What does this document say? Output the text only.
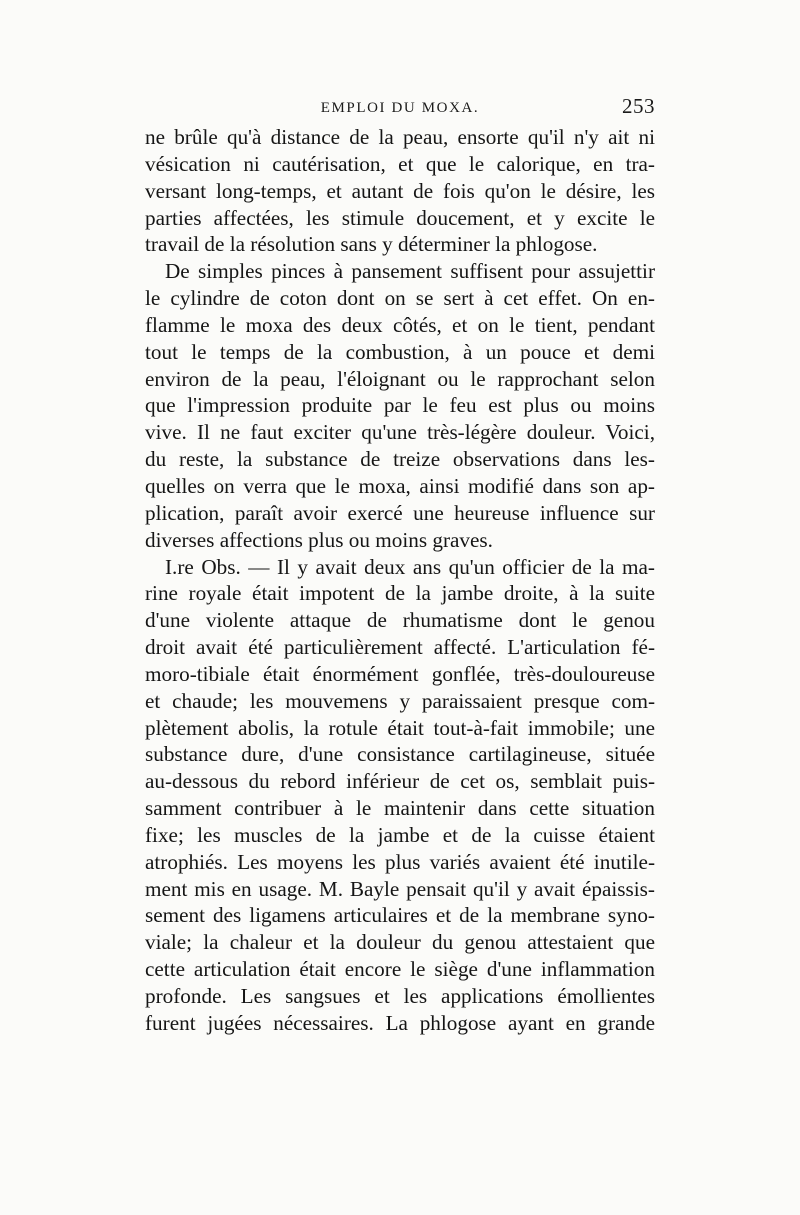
EMPLOI DU MOXA.	253
ne brûle qu'à distance de la peau, ensorte qu'il n'y ait ni
vésication ni cautérisation, et que le calorique, en tra-
versant long-temps, et autant de fois qu'on le désire, les
parties affectées, les stimule doucement, et y excite le
travail de la résolution sans y déterminer la phlogose.
De simples pinces à pansement suffisent pour assujettir
le cylindre de coton dont on se sert à cet effet. On en-
flamme le moxa des deux côtés, et on le tient, pendant
tout le temps de la combustion, à un pouce et demi
environ de la peau, l'éloignant ou le rapprochant selon
que l'impression produite par le feu est plus ou moins
vive. Il ne faut exciter qu'une très-légère douleur. Voici,
du reste, la substance de treize observations dans les-
quelles on verra que le moxa, ainsi modifié dans son ap-
plication, paraît avoir exercé une heureuse influence sur
diverses affections plus ou moins graves.
I.re Obs. — Il y avait deux ans qu'un officier de la ma-
rine royale était impotent de la jambe droite, à la suite
d'une violente attaque de rhumatisme dont le genou
droit avait été particulièrement affecté. L'articulation fé-
moro-tibiale était énormément gonflée, très-douloureuse
et chaude; les mouvemens y paraissaient presque com-
plètement abolis, la rotule était tout-à-fait immobile; une
substance dure, d'une consistance cartilagineuse, située
au-dessous du rebord inférieur de cet os, semblait puis-
samment contribuer à le maintenir dans cette situation
fixe; les muscles de la jambe et de la cuisse étaient
atrophiés. Les moyens les plus variés avaient été inutile-
ment mis en usage. M. Bayle pensait qu'il y avait épaissis-
sement des ligamens articulaires et de la membrane syno-
viale; la chaleur et la douleur du genou attestaient que
cette articulation était encore le siège d'une inflammation
profonde. Les sangsues et les applications émollientes
furent jugées nécessaires. La phlogose ayant en grande
